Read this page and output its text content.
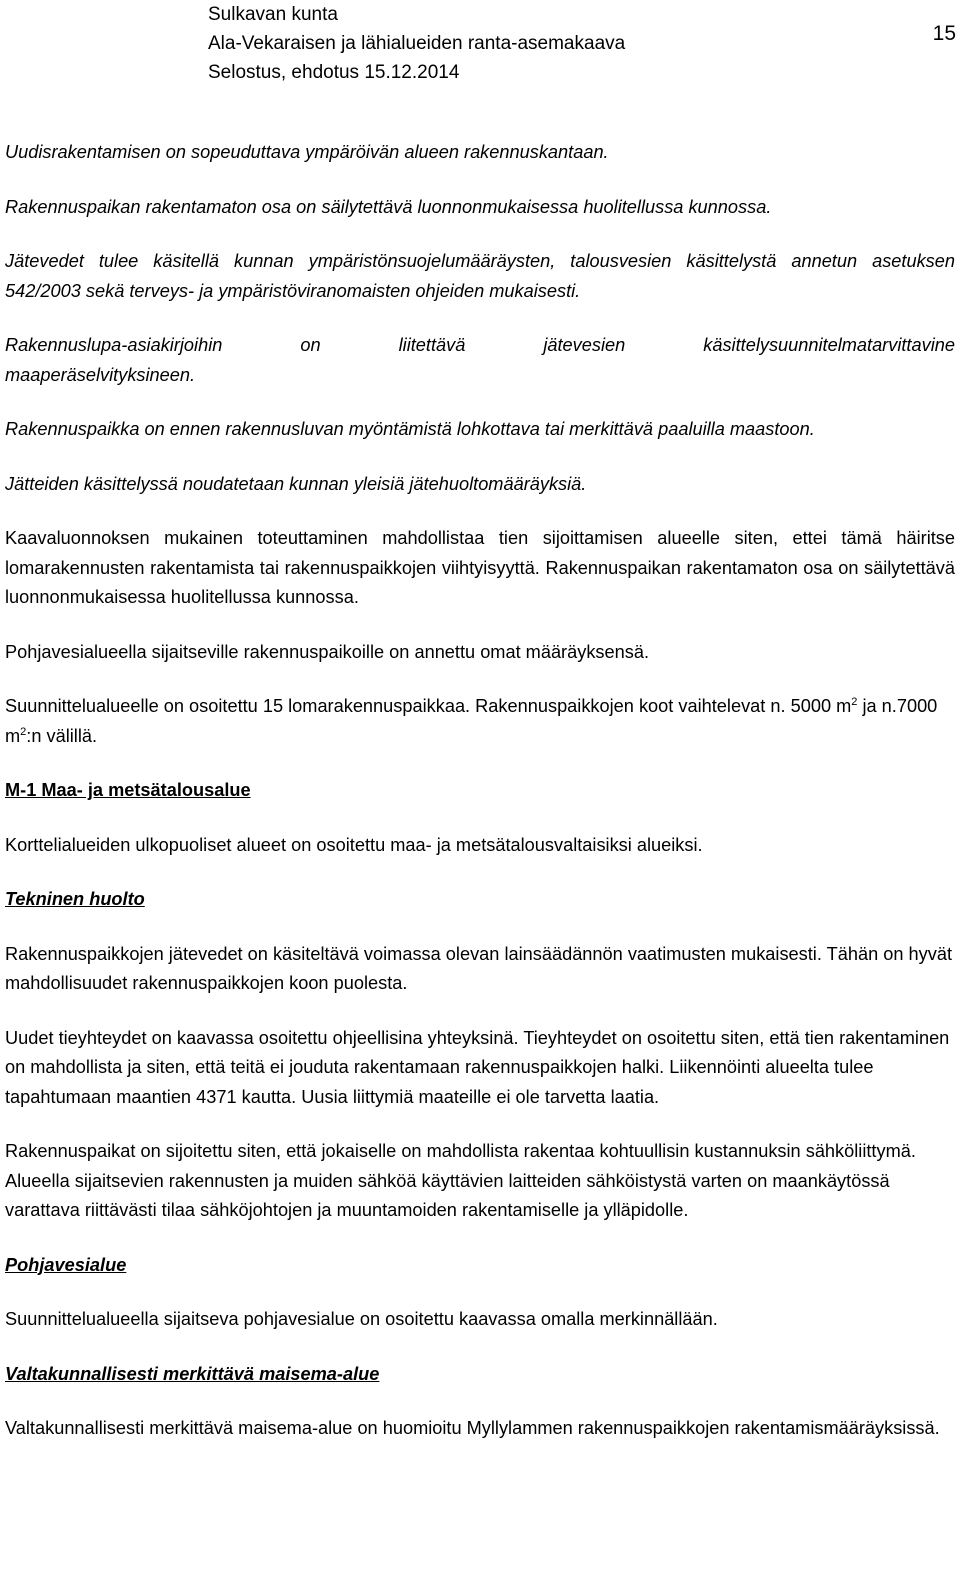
Sulkavan kunta
Ala-Vekaraisen ja lähialueiden ranta-asemakaava
Selostus, ehdotus 15.12.2014
15

Uudisrakentamisen on sopeuduttava ympäröivän alueen rakennuskantaan.

Rakennuspaikan rakentamaton osa on säilytettävä luonnonmukaisessa huolitellussa kunnossa.

Jätevedet tulee käsitellä kunnan ympäristönsuojelumääräysten, talousvesien käsittelystä annetun asetuksen 542/2003 sekä terveys- ja ympäristöviranomaisten ohjeiden mukaisesti.

Rakennuslupa-asiakirjoihin	on	liitettävä	jätevesien	käsittelysuunnitelmatarvittavine
maaperäselvityksineen.

Rakennuspaikka on ennen rakennusluvan myöntämistä lohkottava tai merkittävä paaluilla maastoon.

Jätteiden käsittelyssä noudatetaan kunnan yleisiä jätehuoltomääräyksiä.

Kaavaluonnoksen mukainen toteuttaminen mahdollistaa tien sijoittamisen alueelle siten, ettei tämä häiritse lomarakennusten rakentamista tai rakennuspaikkojen viihtyisyyttä. Rakennuspaikan rakentamaton osa on säilytettävä luonnonmukaisessa huolitellussa kunnossa.

Pohjavesialueella sijaitseville rakennuspaikoille on annettu omat määräyksensä.

Suunnittelualueelle on osoitettu 15 lomarakennuspaikkaa. Rakennuspaikkojen koot vaihtelevat n. 5000 $m^2$ ja n.7000 $m^2:n$ välillä.

M-1 Maa- ja metsätalousalue

Korttelialueiden ulkopuoliset alueet on osoitettu maa- ja metsätalousvaltaisiksi alueiksi.

Tekninen huolto

Rakennuspaikkojen jätevedet on käsiteltävä voimassa olevan lainsäädännön vaatimusten mukaisesti. Tähän on hyvät mahdollisuudet rakennuspaikkojen koon puolesta.

Uudet tieyhteydet on kaavassa osoitettu ohjeellisina yhteyksinä. Tieyhteydet on osoitettu siten, että tien rakentaminen on mahdollista ja siten, että teitä ei jouduta rakentamaan rakennuspaikkojen halki. Liikennöinti alueelta tulee tapahtumaan maantien 4371 kautta. Uusia liittymiä maateille ei ole tarvetta laatia.

Rakennuspaikat on sijoitettu siten, että jokaiselle on mahdollista rakentaa kohtuullisin kustannuksin sähköliittymä. Alueella sijaitsevien rakennusten ja muiden sähköä käyttävien laitteiden sähköistystä varten on maankäytössä varattava riittävästi tilaa sähköjohtojen ja muuntamoiden rakentamiselle ja ylläpidolle.

Pohjavesialue

Suunnittelualueella sijaitseva pohjavesialue on osoitettu kaavassa omalla merkinnällään.

Valtakunnallisesti merkittävä maisema-alue

Valtakunnallisesti merkittävä maisema-alue on huomioitu Myllylammen rakennuspaikkojen rakentamismääräyksissä.
